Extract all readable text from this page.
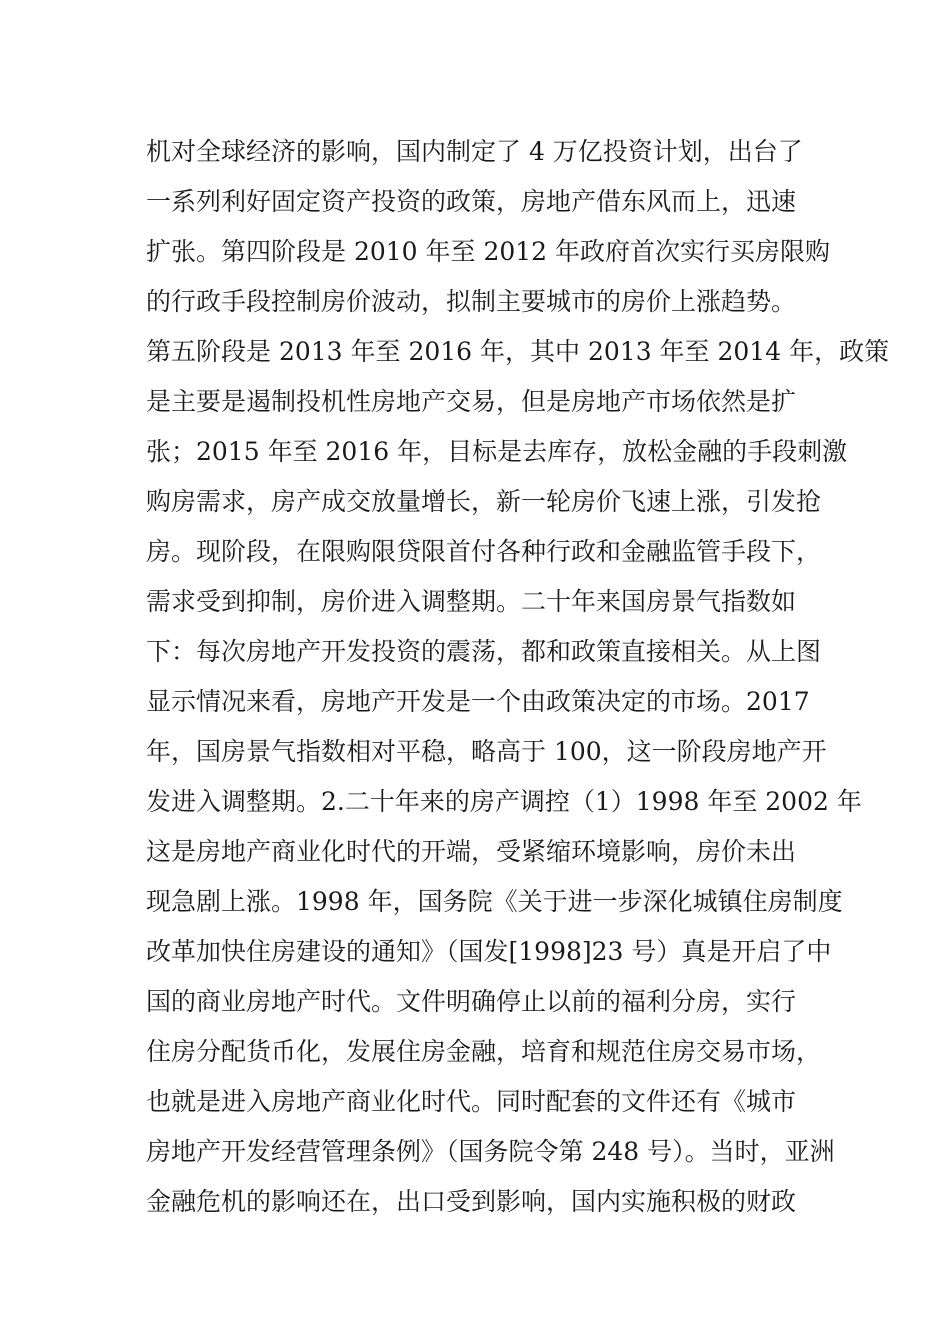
机对全球经济的影响，国内制定了 4 万亿投资计划，出台了
一系列利好固定资产投资的政策，房地产借东风而上，迅速
扩张。第四阶段是 2010 年至 2012 年政府首次实行买房限购
的行政手段控制房价波动，拟制主要城市的房价上涨趋势。
第五阶段是 2013 年至 2016 年，其中 2013 年至 2014 年，政策
是主要是遏制投机性房地产交易，但是房地产市场依然是扩
张；2015 年至 2016 年，目标是去库存，放松金融的手段刺激
购房需求，房产成交放量增长，新一轮房价飞速上涨，引发抢
房。现阶段，在限购限贷限首付各种行政和金融监管手段下，
需求受到抑制，房价进入调整期。二十年来国房景气指数如
下：每次房地产开发投资的震荡，都和政策直接相关。从上图
显示情况来看，房地产开发是一个由政策决定的市场。2017
年，国房景气指数相对平稳，略高于 100，这一阶段房地产开
发进入调整期。2.二十年来的房产调控（1）1998 年至 2002 年
这是房地产商业化时代的开端，受紧缩环境影响，房价未出
现急剧上涨。1998 年，国务院《关于进一步深化城镇住房制度
改革加快住房建设的通知》（国发[1998]23 号）真是开启了中
国的商业房地产时代。文件明确停止以前的福利分房，实行
住房分配货币化，发展住房金融，培育和规范住房交易市场，
也就是进入房地产商业化时代。同时配套的文件还有《城市
房地产开发经营管理条例》（国务院令第 248 号）。当时，亚洲
金融危机的影响还在，出口受到影响，国内实施积极的财政
